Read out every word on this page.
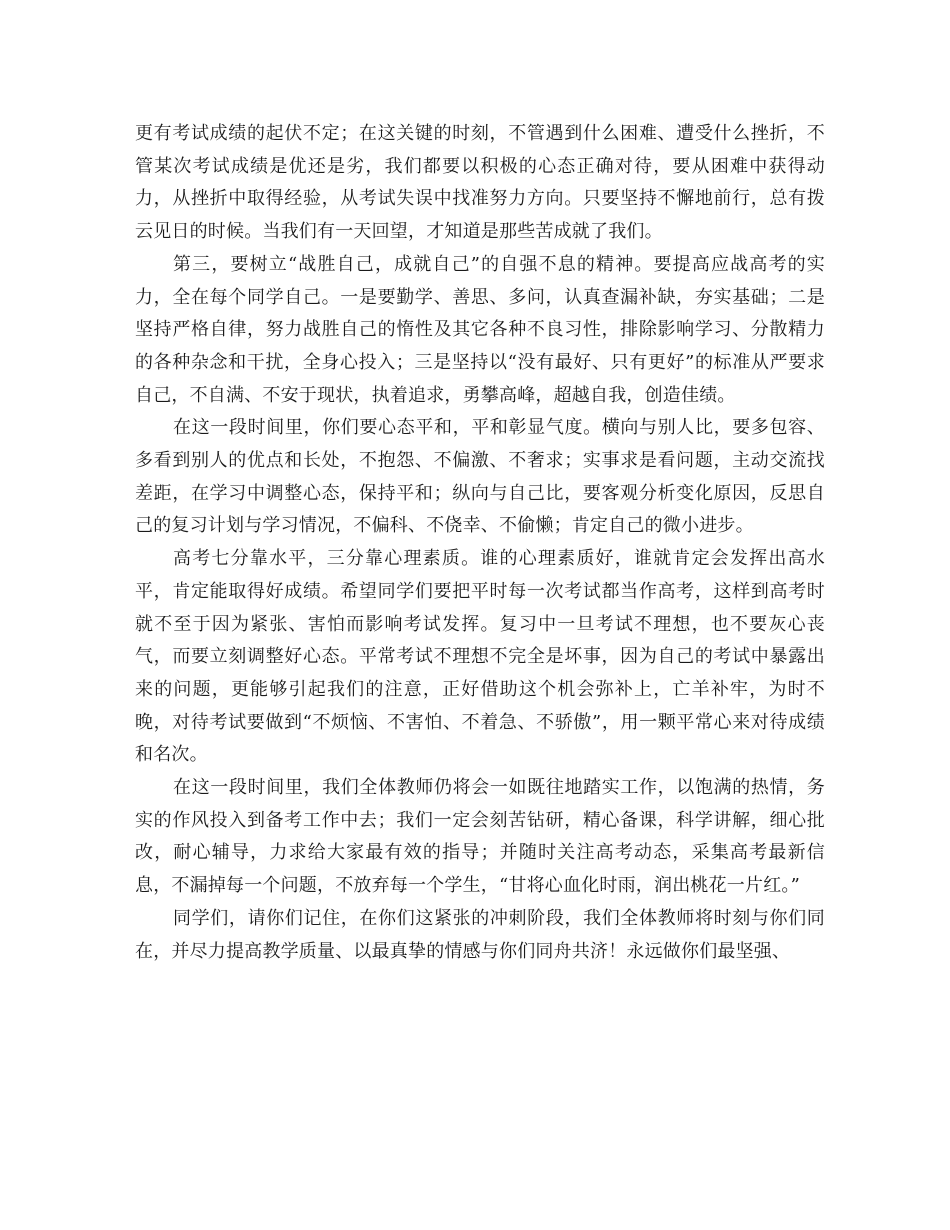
更有考试成绩的起伏不定；在这关键的时刻，不管遇到什么困难、遭受什么挫折，不管某次考试成绩是优还是劣，我们都要以积极的心态正确对待，要从困难中获得动力，从挫折中取得经验，从考试失误中找准努力方向。只要坚持不懈地前行，总有拨云见日的时候。当我们有一天回望，才知道是那些苦成就了我们。

第三，要树立“战胜自己，成就自己”的自强不息的精神。要提高应战高考的实力，全在每个同学自己。一是要勤学、善思、多问，认真查漏补缺，夯实基础；二是坚持严格自律，努力战胜自己的惰性及其它各种不良习性，排除影响学习、分散精力的各种杂念和干扰，全身心投入；三是坚持以“没有最好、只有更好”的标准从严要求自己，不自满、不安于现状，执着追求，勇攀高峰，超越自我，创造佳绩。

在这一段时间里，你们要心态平和，平和彰显气度。横向与别人比，要多包容、多看到别人的优点和长处，不抱怨、不偏激、不奢求；实事求是看问题，主动交流找差距，在学习中调整心态，保持平和；纵向与自己比，要客观分析变化原因，反思自己的复习计划与学习情况，不偏科、不侥幸、不偷懒；肯定自己的微小进步。

高考七分靠水平，三分靠心理素质。谁的心理素质好，谁就肯定会发挥出高水平，肯定能取得好成绩。希望同学们要把平时每一次考试都当作高考，这样到高考时就不至于因为紧张、害怕而影响考试发挥。复习中一旦考试不理想，也不要灰心丧气，而要立刻调整好心态。平常考试不理想不完全是坏事，因为自己的考试中暴露出来的问题，更能够引起我们的注意，正好借助这个机会弥补上，亡羊补牢，为时不晚，对待考试要做到“不烦恼、不害怕、不着急、不骄傲”，用一颗平常心来对待成绩和名次。

在这一段时间里，我们全体教师仍将会一如既往地踏实工作，以饱满的热情，务实的作风投入到备考工作中去；我们一定会刻苦钻研，精心备课，科学讲解，细心批改，耐心辅导，力求给大家最有效的指导；并随时关注高考动态，采集高考最新信息，不漏掉每一个问题，不放弃每一个学生，“甘将心血化时雨，润出桃花一片红。”

同学们，请你们记住，在你们这紧张的冲刺阶段，我们全体教师将时刻与你们同在，并尽力提高教学质量、以最真挚的情感与你们同舟共济！永远做你们最坚强、
